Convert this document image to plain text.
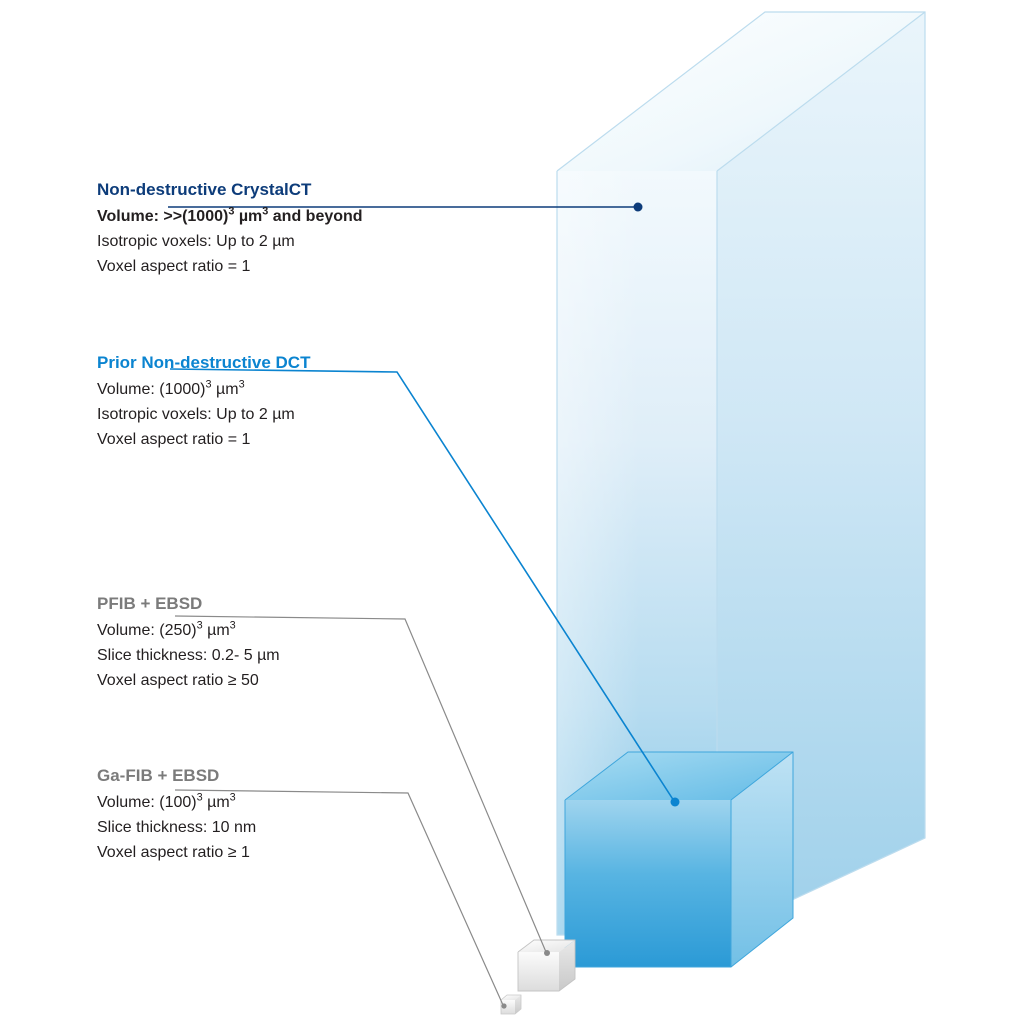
Non-destructive CrystalCT
Volume: $>>(1000)^3$ µm$^3$ and beyond
Isotropic voxels: Up to 2 µm
Voxel aspect ratio = 1
Prior Non-destructive DCT
Volume: $(1000)^3$ µm$^3$
Isotropic voxels: Up to 2 µm
Voxel aspect ratio = 1
PFIB + EBSD
Volume: $(250)^3$ µm$^3$
Slice thickness: 0.2- 5 µm
Voxel aspect ratio ≥ 50
Ga-FIB + EBSD
Volume: $(100)^3$ µm$^3$
Slice thickness: 10 nm
Voxel aspect ratio ≥ 1
